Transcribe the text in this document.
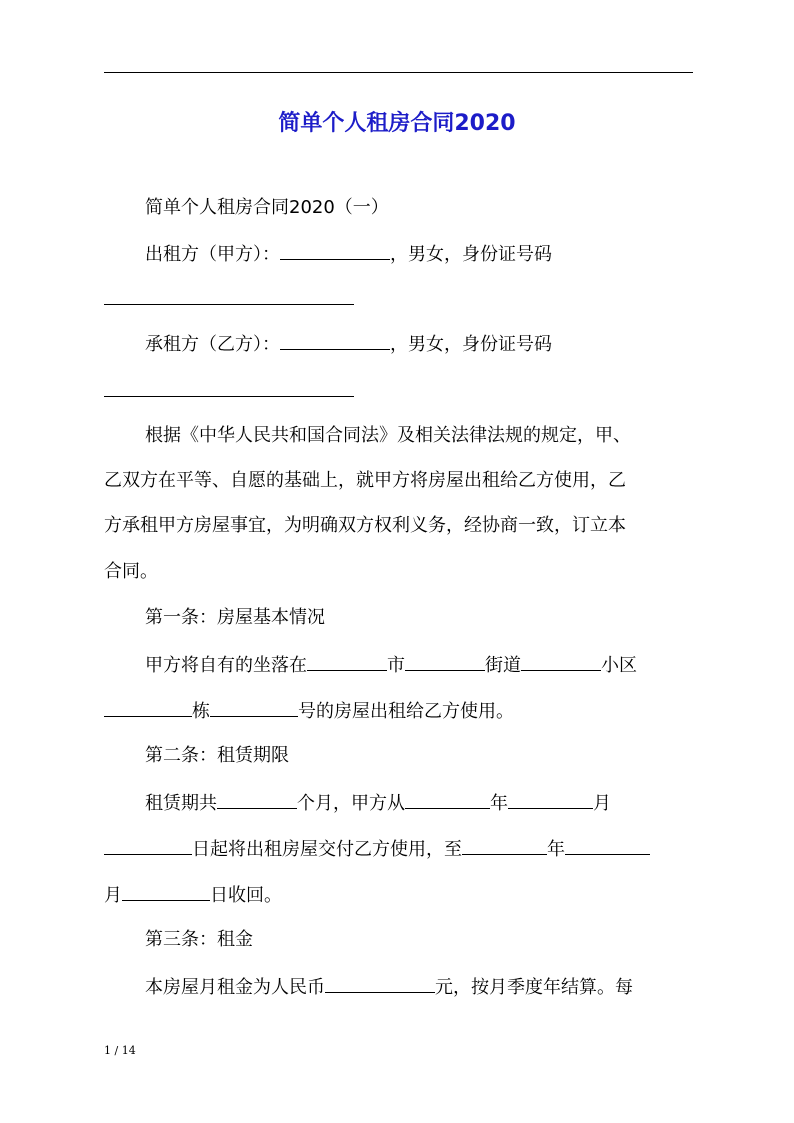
简单个人租房合同2020
简单个人租房合同2020（一）
出租方（甲方）：	，男女，身份证号码
承租方（乙方）：	，男女，身份证号码
根据《中华人民共和国合同法》及相关法律法规的规定，甲、
乙双方在平等、自愿的基础上，就甲方将房屋出租给乙方使用，乙
方承租甲方房屋事宜，为明确双方权利义务，经协商一致，订立本
合同。
第一条：房屋基本情况
甲方将自有的坐落在	市	街道	小区
栋	号的房屋出租给乙方使用。
第二条：租赁期限
租赁期共	个月，甲方从	年	月
日起将出租房屋交付乙方使用，至	年
月	日收回。
第三条：租金
本房屋月租金为人民币	元，按月季度年结算。每
1 / 14
